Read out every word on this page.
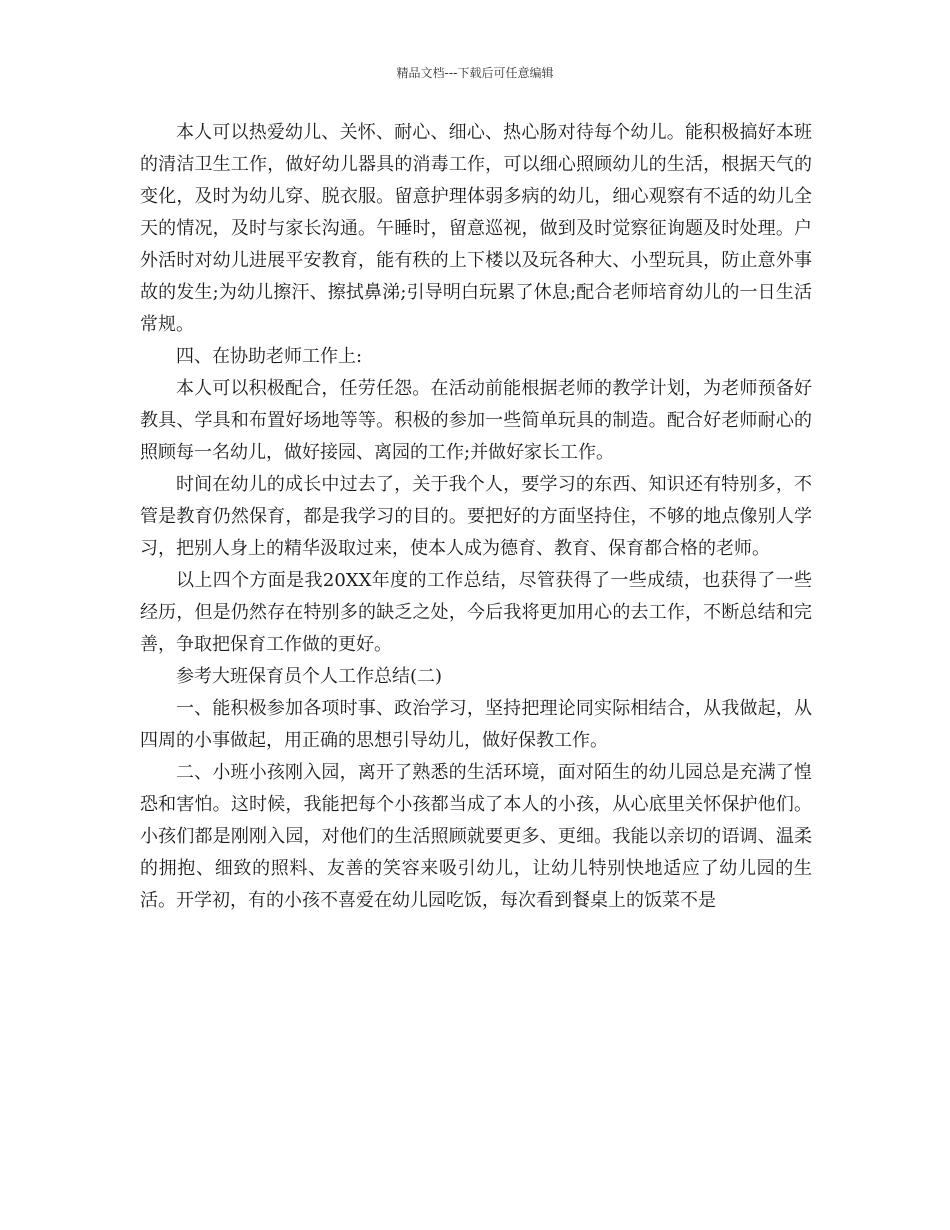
精品文档---下载后可任意编辑

本人可以热爱幼儿、关怀、耐心、细心、热心肠对待每个幼儿。能积极搞好本班的清洁卫生工作，做好幼儿器具的消毒工作，可以细心照顾幼儿的生活，根据天气的变化，及时为幼儿穿、脱衣服。留意护理体弱多病的幼儿，细心观察有不适的幼儿全天的情况，及时与家长沟通。午睡时，留意巡视，做到及时觉察征询题及时处理。户外活时对幼儿进展平安教育，能有秩的上下楼以及玩各种大、小型玩具，防止意外事故的发生;为幼儿擦汗、擦拭鼻涕;引导明白玩累了休息;配合老师培育幼儿的一日生活常规。

四、在协助老师工作上:

本人可以积极配合，任劳任怨。在活动前能根据老师的教学计划，为老师预备好教具、学具和布置好场地等等。积极的参加一些简单玩具的制造。配合好老师耐心的照顾每一名幼儿，做好接园、离园的工作;并做好家长工作。

时间在幼儿的成长中过去了，关于我个人，要学习的东西、知识还有特别多，不管是教育仍然保育，都是我学习的目的。要把好的方面坚持住，不够的地点像别人学习，把别人身上的精华汲取过来，使本人成为德育、教育、保育都合格的老师。

以上四个方面是我20XX年度的工作总结，尽管获得了一些成绩，也获得了一些经历，但是仍然存在特别多的缺乏之处，今后我将更加用心的去工作，不断总结和完善，争取把保育工作做的更好。

参考大班保育员个人工作总结(二)

一、能积极参加各项时事、政治学习，坚持把理论同实际相结合，从我做起，从四周的小事做起，用正确的思想引导幼儿，做好保教工作。

二、小班小孩刚入园，离开了熟悉的生活环境，面对陌生的幼儿园总是充满了惶恐和害怕。这时候，我能把每个小孩都当成了本人的小孩，从心底里关怀保护他们。小孩们都是刚刚入园，对他们的生活照顾就要更多、更细。我能以亲切的语调、温柔的拥抱、细致的照料、友善的笑容来吸引幼儿，让幼儿特别快地适应了幼儿园的生活。开学初，有的小孩不喜爱在幼儿园吃饭，每次看到餐桌上的饭菜不是
